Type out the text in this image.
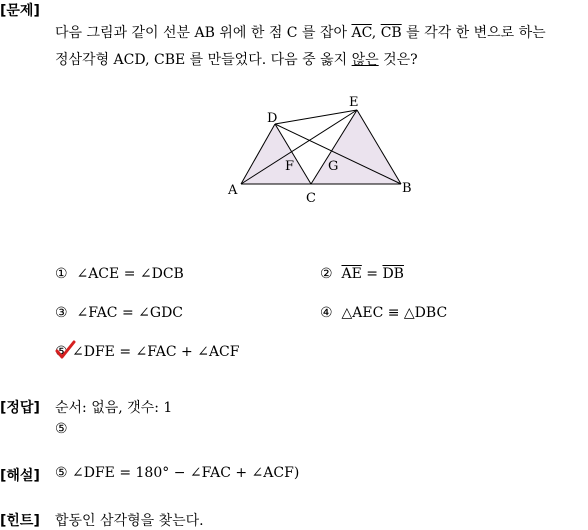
[문제]
다음 그림과 같이 선분 AB 위에 한 점 C 를 잡아 $\overline{AC}$, $\overline{CB}$ 를 각각 한 변으로 하는
정삼각형 ACD, CBE 를 만들었다. 다음 중 옳지 않은 것은?
A	B
C
D
E
F	G
① ∠ACE = ∠DCB	② $\overline{AE} = \overline{DB}$
③ ∠FAC = ∠GDC	④ △AEC ≡ △DBC
⑤ ∠DFE = ∠FAC + ∠ACF
[정답] 순서: 없음, 갯수: 1
⑤
[해설] ⑤ ∠DFE = 180° − ∠FAC + ∠ACF)
[힌트] 합동인 삼각형을 찾는다.
